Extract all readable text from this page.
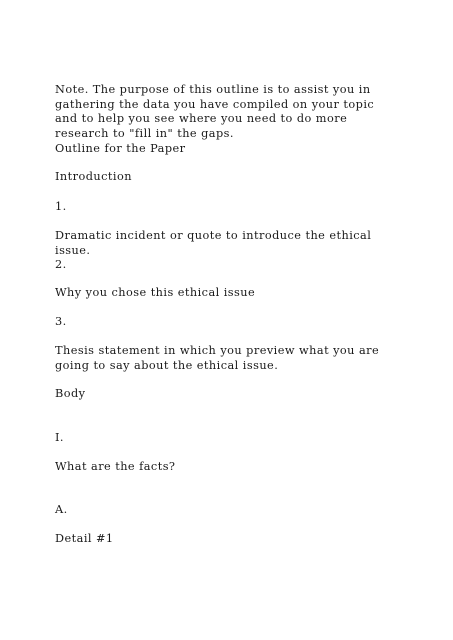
Note. The purpose of this outline is to assist you in gathering the data you have compiled on your topic and to help you see where you need to do more research to "fill in" the gaps.

Outline for the Paper

Introduction

1.

Dramatic incident or quote to introduce the ethical issue.

2.

Why you chose this ethical issue

3.

Thesis statement in which you preview what you are going to say about the ethical issue.

Body

I.

What are the facts?

A.

Detail #1
